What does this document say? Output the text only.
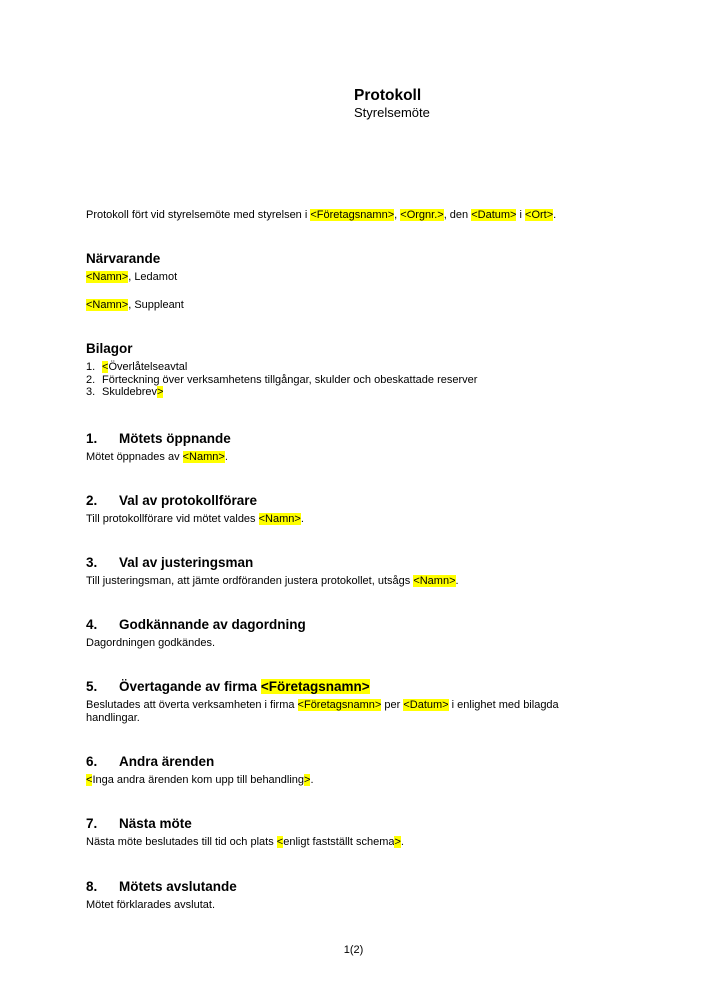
Protokoll
Styrelsemöte
Protokoll fört vid styrelsemöte med styrelsen i <Företagsnamn>, <Orgnr.>, den <Datum> i <Ort>.
Närvarande
<Namn>, Ledamot
<Namn>, Suppleant
Bilagor
1. <Överlåtelseavtal
2. Förteckning över verksamhetens tillgångar, skulder och obeskattade reserver
3. Skuldebrev>
1. Mötets öppnande
Mötet öppnades av <Namn>.
2. Val av protokollförare
Till protokollförare vid mötet valdes <Namn>.
3. Val av justeringsman
Till justeringsman, att jämte ordföranden justera protokollet, utsågs <Namn>.
4. Godkännande av dagordning
Dagordningen godkändes.
5. Övertagande av firma <Företagsnamn>
Beslutades att överta verksamheten i firma <Företagsnamn> per <Datum> i enlighet med bilagda handlingar.
6. Andra ärenden
<Inga andra ärenden kom upp till behandling>.
7. Nästa möte
Nästa möte beslutades till tid och plats <enligt fastställt schema>.
8. Mötets avslutande
Mötet förklarades avslutat.
1(2)
